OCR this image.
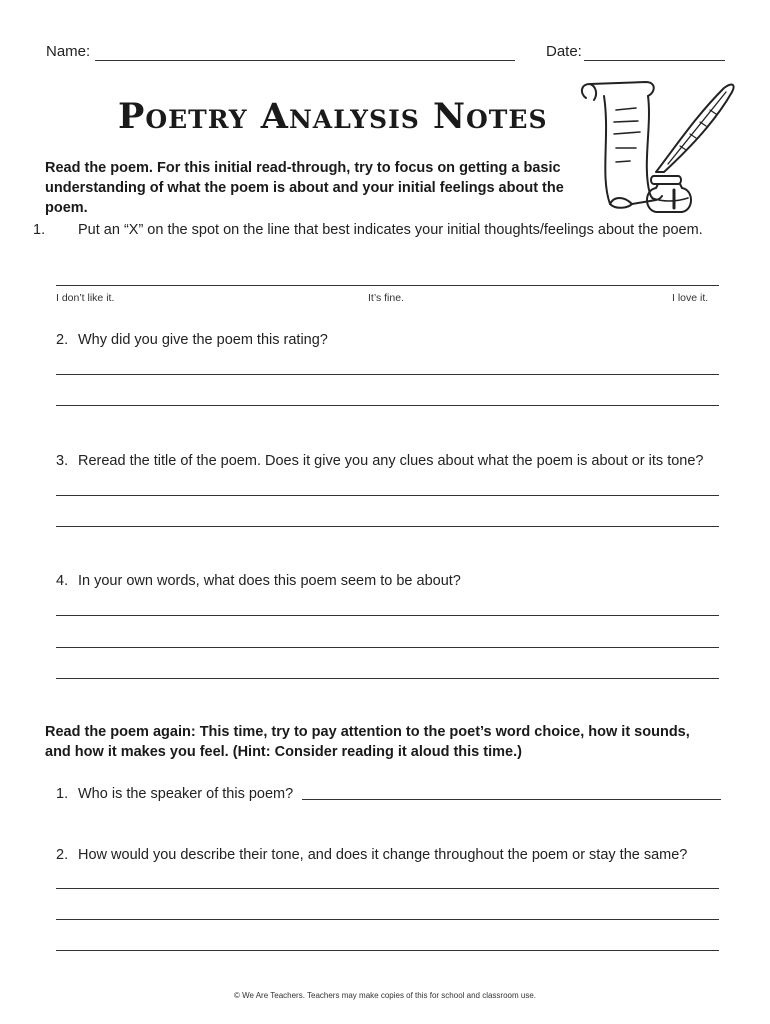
Name:	Date:
Poetry Analysis Notes
Read the poem. For this initial read-through, try to focus on getting a basic understanding of what the poem is about and your initial feelings about the poem.
1. Put an “X” on the spot on the line that best indicates your initial thoughts/feelings about the poem.
I don’t like it.	It’s fine.	I love it.
2. Why did you give the poem this rating?
3. Reread the title of the poem. Does it give you any clues about what the poem is about or its tone?
4. In your own words, what does this poem seem to be about?
Read the poem again: This time, try to pay attention to the poet’s word choice, how it sounds, and how it makes you feel. (Hint: Consider reading it aloud this time.)
1. Who is the speaker of this poem?
2. How would you describe their tone, and does it change throughout the poem or stay the same?
© We Are Teachers. Teachers may make copies of this for school and classroom use.
